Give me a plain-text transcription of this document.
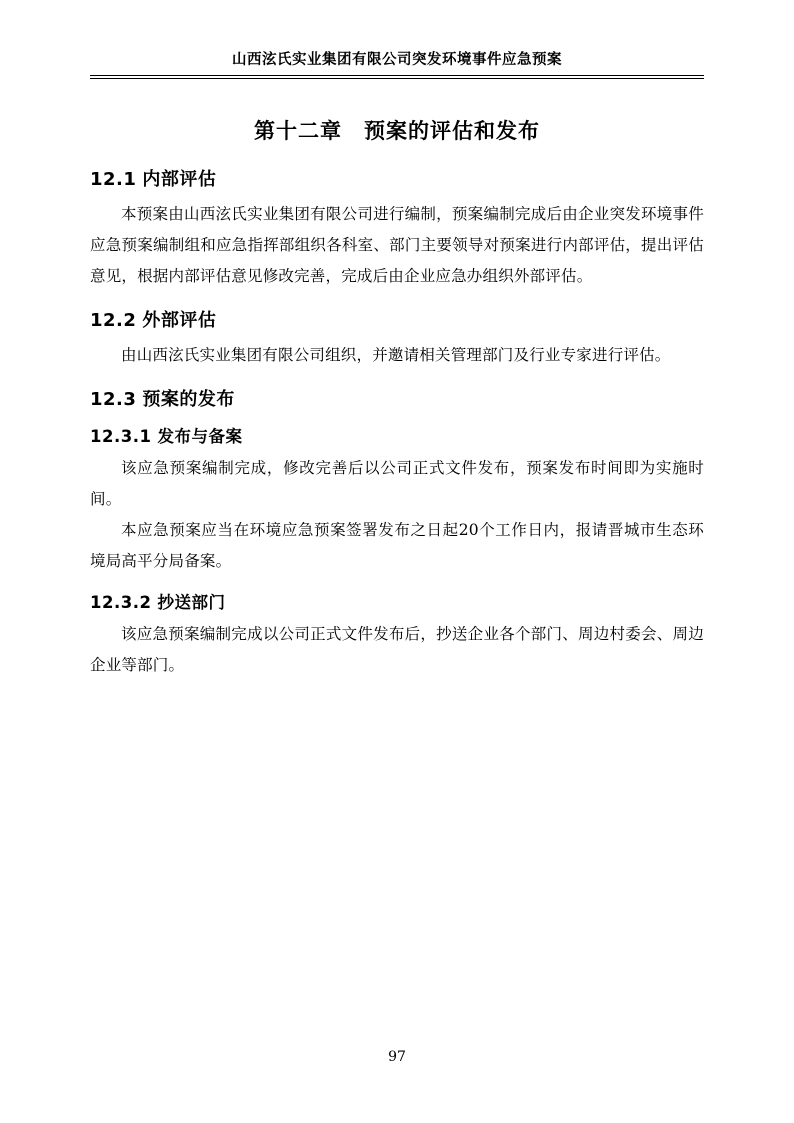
山西泫氏实业集团有限公司突发环境事件应急预案
第十二章　预案的评估和发布
12.1 内部评估

本预案由山西泫氏实业集团有限公司进行编制，预案编制完成后由企业突发环境事件应急预案编制组和应急指挥部组织各科室、部门主要领导对预案进行内部评估，提出评估意见，根据内部评估意见修改完善，完成后由企业应急办组织外部评估。

12.2 外部评估

由山西泫氏实业集团有限公司组织，并邀请相关管理部门及行业专家进行评估。

12.3 预案的发布
12.3.1 发布与备案

该应急预案编制完成，修改完善后以公司正式文件发布，预案发布时间即为实施时间。

本应急预案应当在环境应急预案签署发布之日起20个工作日内，报请晋城市生态环境局高平分局备案。

12.3.2 抄送部门

该应急预案编制完成以公司正式文件发布后，抄送企业各个部门、周边村委会、周边企业等部门。

97
